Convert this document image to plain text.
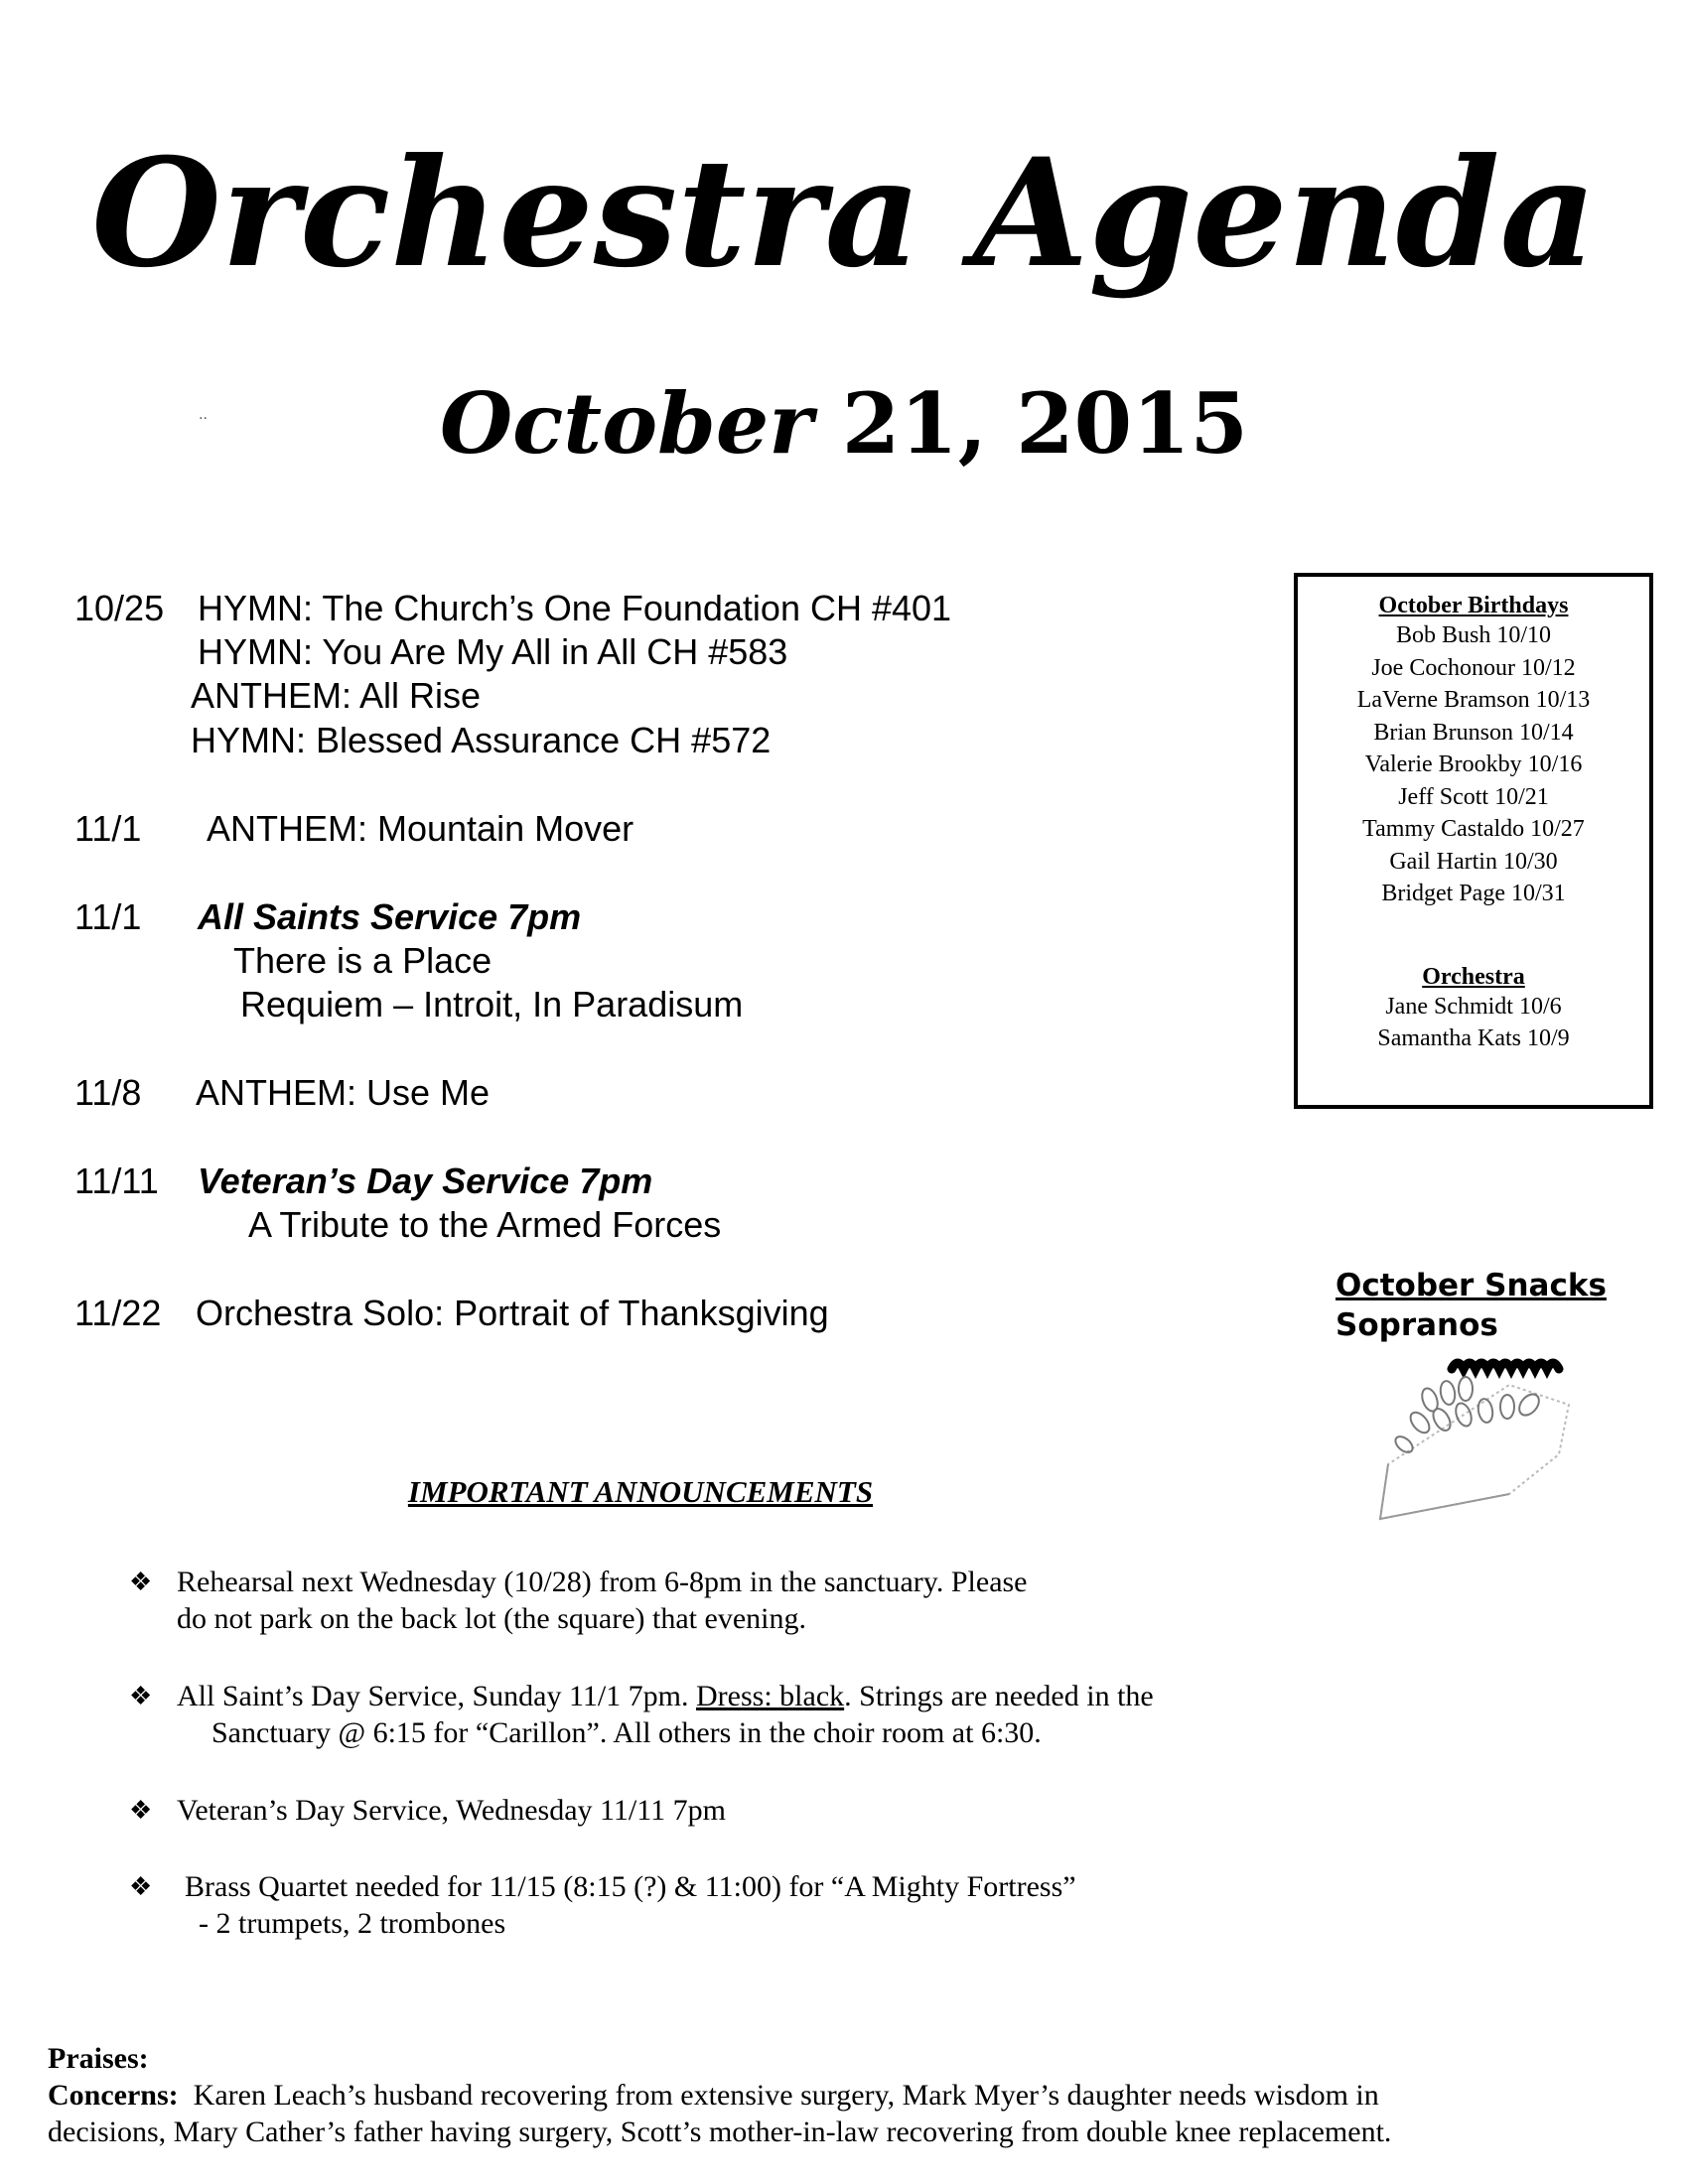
Orchestra Agenda
October 21, 2015
..
10/25 HYMN: The Church’s One Foundation CH #401
HYMN: You Are My All in All CH #583
ANTHEM: All Rise
HYMN: Blessed Assurance CH #572
11/1 ANTHEM: Mountain Mover
11/1 All Saints Service 7pm
There is a Place
Requiem – Introit, In Paradisum
11/8 ANTHEM: Use Me
11/11 Veteran’s Day Service 7pm
A Tribute to the Armed Forces
11/22 Orchestra Solo: Portrait of Thanksgiving
October Birthdays
Bob Bush 10/10
Joe Cochonour 10/12
LaVerne Bramson 10/13
Brian Brunson 10/14
Valerie Brookby 10/16
Jeff Scott 10/21
Tammy Castaldo 10/27
Gail Hartin 10/30
Bridget Page 10/31
Orchestra
Jane Schmidt 10/6
Samantha Kats 10/9
October Snacks
Sopranos
IMPORTANT ANNOUNCEMENTS
❖ Rehearsal next Wednesday (10/28) from 6-8pm in the sanctuary. Please
do not park on the back lot (the square) that evening.
❖ All Saint’s Day Service, Sunday 11/1 7pm. Dress: black. Strings are needed in the
Sanctuary @ 6:15 for “Carillon”. All others in the choir room at 6:30.
❖ Veteran’s Day Service, Wednesday 11/11 7pm
❖ Brass Quartet needed for 11/15 (8:15 (?) & 11:00) for “A Mighty Fortress”
- 2 trumpets, 2 trombones
Praises:
Concerns:  Karen Leach’s husband recovering from extensive surgery, Mark Myer’s daughter needs wisdom in
decisions, Mary Cather’s father having surgery, Scott’s mother-in-law recovering from double knee replacement.
